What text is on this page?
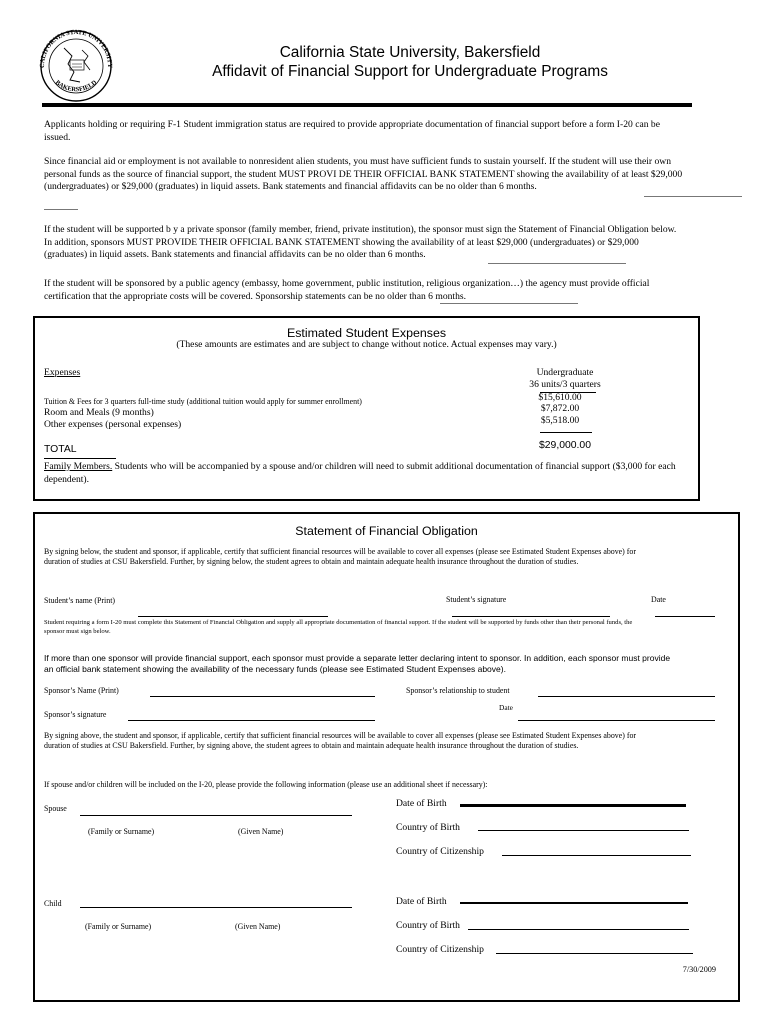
CALIFORNIA STATE UNIVERSITY
BAKERSFIELD
California State University, Bakersfield
Affidavit of Financial Support for Undergraduate Programs
Applicants holding or requiring F-1 Student immigration status are required to provide appropriate documentation of financial support before a form I-20 can be issued.
Since financial aid or employment is not available to nonresident alien students, you must have sufficient funds to sustain yourself. If the student will use their own personal funds as the source of financial support, the student MUST PROVI DE THEIR OFFICIAL BANK STATEMENT showing the availability of at least $29,000 (undergraduates) or $29,000 (graduates) in liquid assets. Bank statements and financial affidavits can be no older than 6 months.
If the student will be supported b y a private sponsor (family member, friend, private institution), the sponsor must sign the Statement of Financial Obligation below. In addition, sponsors MUST PROVIDE THEIR OFFICIAL BANK STATEMENT showing the availability of at least $29,000 (undergraduates) or $29,000 (graduates) in liquid assets. Bank statements and financial affidavits can be no older than 6 months.
If the student will be sponsored by a public agency (embassy, home government, public institution, religious organization…) the agency must provide official certification that the appropriate costs will be covered. Sponsorship statements can be no older than 6 months.
Estimated Student Expenses
(These amounts are estimates and are subject to change without notice. Actual expenses may vary.)
Expenses	Undergraduate
36 units/3 quarters
Tuition & Fees for 3 quarters full-time study (additional tuition would apply for summer enrollment)	$15,610.00
Room and Meals (9 months)	$7,872.00
Other expenses (personal expenses)	$5,518.00
TOTAL	$29,000.00
Family Members. Students who will be accompanied by a spouse and/or children will need to submit additional documentation of financial support ($3,000 for each dependent).
Statement of Financial Obligation
By signing below, the student and sponsor, if applicable, certify that sufficient financial resources will be available to cover all expenses (please see Estimated Student Expenses above) for duration of studies at CSU Bakersfield. Further, by signing below, the student agrees to obtain and maintain adequate health insurance throughout the duration of studies.
Student’s name (Print)	Student’s signature	Date
Student requiring a form I-20 must complete this Statement of Financial Obligation and supply all appropriate documentation of financial support. If the student will be supported by funds other than their personal funds, the sponsor must sign below.
If more than one sponsor will provide financial support, each sponsor must provide a separate letter declaring intent to sponsor. In addition, each sponsor must provide an official bank statement showing the availability of the necessary funds (please see Estimated Student Expenses above).
Sponsor’s Name (Print)	Sponsor’s relationship to student
Date
Sponsor’s signature
By signing above, the student and sponsor, if applicable, certify that sufficient financial resources will be available to cover all expenses (please see Estimated Student Expenses above) for duration of studies at CSU Bakersfield. Further, by signing above, the student agrees to obtain and maintain adequate health insurance throughout the duration of studies.
If spouse and/or children will be included on the I-20, please provide the following information (please use an additional sheet if necessary):
Spouse
(Family or Surname)	(Given Name)
Date of Birth
Country of Birth
Country of Citizenship
Child
(Family or Surname)	(Given Name)
Date of Birth
Country of Birth
Country of Citizenship
7/30/2009
